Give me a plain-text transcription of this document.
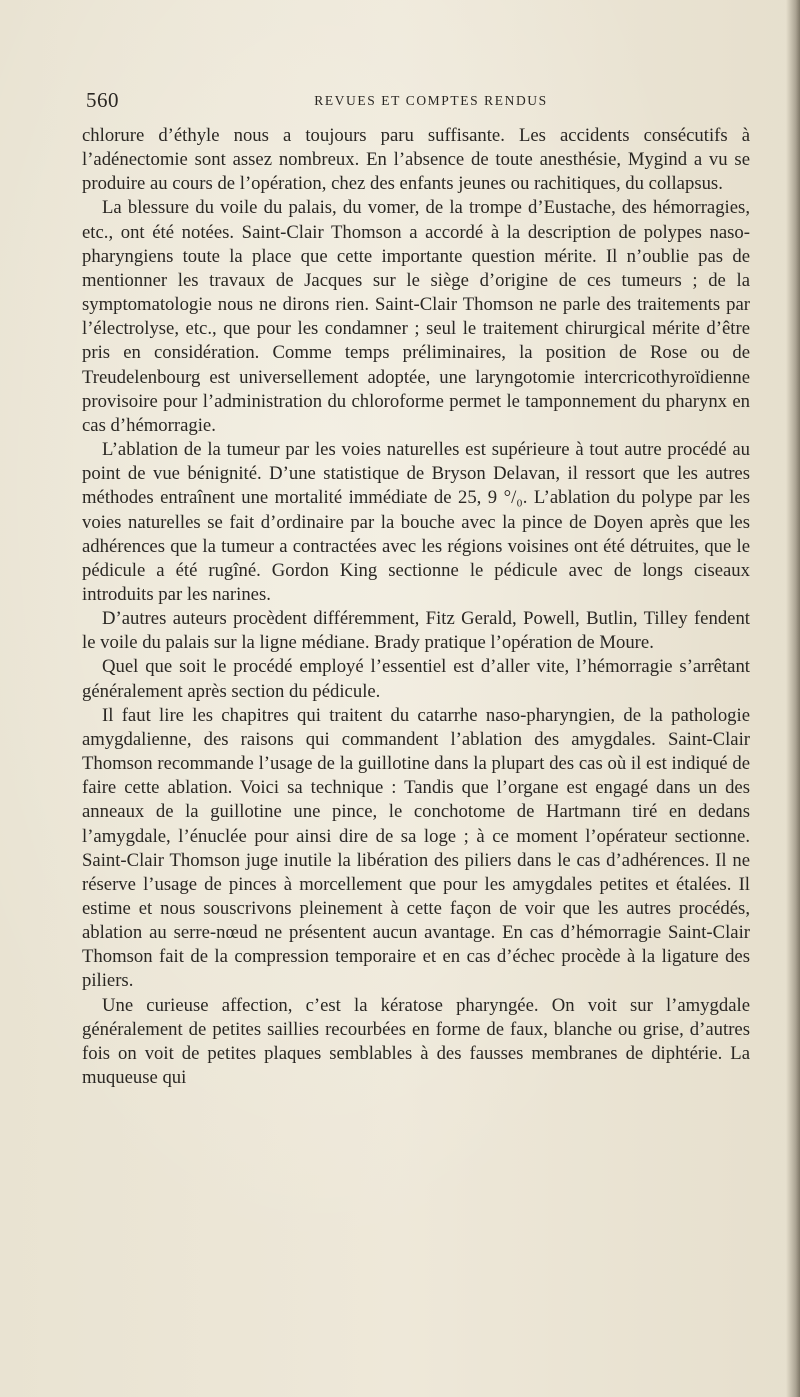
560	REVUES ET COMPTES RENDUS

chlorure d’éthyle nous a toujours paru suffisante. Les accidents consécutifs à l’adénectomie sont assez nombreux. En l’absence de toute anesthésie, Mygind a vu se produire au cours de l’opération, chez des enfants jeunes ou rachitiques, du collapsus.

La blessure du voile du palais, du vomer, de la trompe d’Eustache, des hémorragies, etc., ont été notées. Saint-Clair Thomson a accordé à la description de polypes naso-pharyngiens toute la place que cette importante question mérite. Il n’oublie pas de mentionner les travaux de Jacques sur le siège d’origine de ces tumeurs ; de la symptomatologie nous ne dirons rien. Saint-Clair Thomson ne parle des traitements par l’électrolyse, etc., que pour les condamner ; seul le traitement chirurgical mérite d’être pris en considération. Comme temps préliminaires, la position de Rose ou de Treudelenbourg est universellement adoptée, une laryngotomie intercricothyroïdienne provisoire pour l’administration du chloroforme permet le tamponnement du pharynx en cas d’hémorragie.

L’ablation de la tumeur par les voies naturelles est supérieure à tout autre procédé au point de vue bénignité. D’une statistique de Bryson Delavan, il ressort que les autres méthodes entraînent une mortalité immédiate de 25, 9 °/₀. L’ablation du polype par les voies naturelles se fait d’ordinaire par la bouche avec la pince de Doyen après que les adhérences que la tumeur a contractées avec les régions voisines ont été détruites, que le pédicule a été rugîné. Gordon King sectionne le pédicule avec de longs ciseaux introduits par les narines.

D’autres auteurs procèdent différemment, Fitz Gerald, Powell, Butlin, Tilley fendent le voile du palais sur la ligne médiane. Brady pratique l’opération de Moure.

Quel que soit le procédé employé l’essentiel est d’aller vite, l’hémorragie s’arrêtant généralement après section du pédicule.

Il faut lire les chapitres qui traitent du catarrhe naso-pharyngien, de la pathologie amygdalienne, des raisons qui commandent l’ablation des amygdales. Saint-Clair Thomson recommande l’usage de la guillotine dans la plupart des cas où il est indiqué de faire cette ablation. Voici sa technique : Tandis que l’organe est engagé dans un des anneaux de la guillotine une pince, le conchotome de Hartmann tiré en dedans l’amygdale, l’énuclée pour ainsi dire de sa loge ; à ce moment l’opérateur sectionne. Saint-Clair Thomson juge inutile la libération des piliers dans le cas d’adhérences. Il ne réserve l’usage de pinces à morcellement que pour les amygdales petites et étalées. Il estime et nous souscrivons pleinement à cette façon de voir que les autres procédés, ablation au serre-nœud ne présentent aucun avantage. En cas d’hémorragie Saint-Clair Thomson fait de la compression temporaire et en cas d’échec procède à la ligature des piliers.

Une curieuse affection, c’est la kératose pharyngée. On voit sur l’amygdale généralement de petites saillies recourbées en forme de faux, blanche ou grise, d’autres fois on voit de petites plaques semblables à des fausses membranes de diphtérie. La muqueuse qui
